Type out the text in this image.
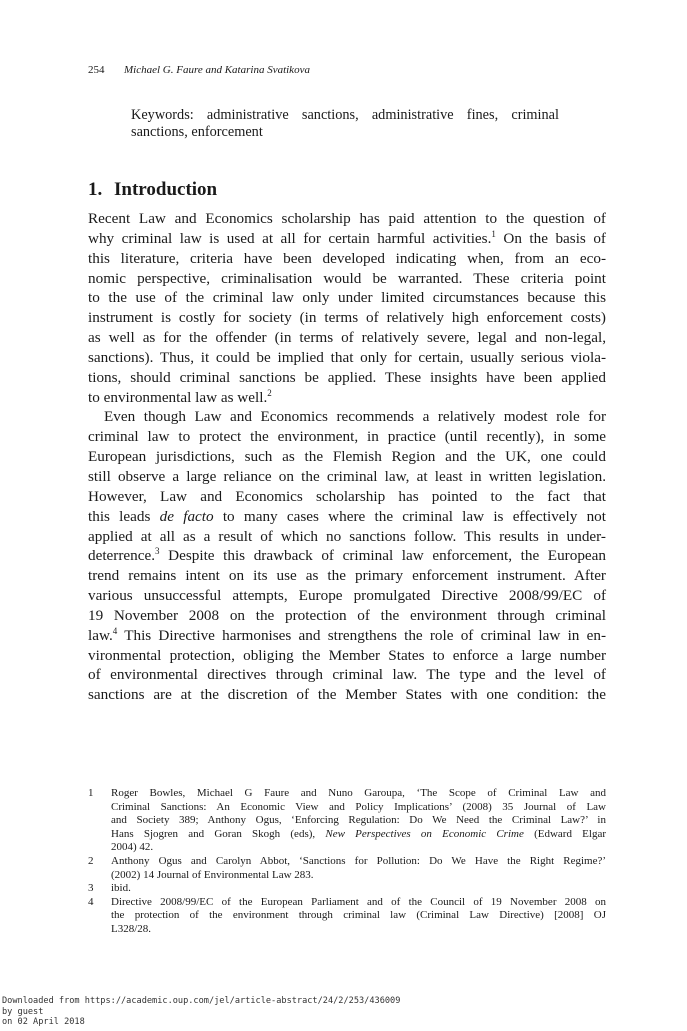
254 Michael G. Faure and Katarina Svatikova
Keywords: administrative sanctions, administrative fines, criminal
sanctions, enforcement
1. Introduction
Recent Law and Economics scholarship has paid attention to the question of
why criminal law is used at all for certain harmful activities.$^1$ On the basis of
this literature, criteria have been developed indicating when, from an eco-
nomic perspective, criminalisation would be warranted. These criteria point
to the use of the criminal law only under limited circumstances because this
instrument is costly for society (in terms of relatively high enforcement costs)
as well as for the offender (in terms of relatively severe, legal and non-legal,
sanctions). Thus, it could be implied that only for certain, usually serious viola-
tions, should criminal sanctions be applied. These insights have been applied
to environmental law as well.$^2$
Even though Law and Economics recommends a relatively modest role for
criminal law to protect the environment, in practice (until recently), in some
European jurisdictions, such as the Flemish Region and the UK, one could
still observe a large reliance on the criminal law, at least in written legislation.
However, Law and Economics scholarship has pointed to the fact that
this leads de facto to many cases where the criminal law is effectively not
applied at all as a result of which no sanctions follow. This results in under-
deterrence.$^3$ Despite this drawback of criminal law enforcement, the European
trend remains intent on its use as the primary enforcement instrument. After
various unsuccessful attempts, Europe promulgated Directive 2008/99/EC of
19 November 2008 on the protection of the environment through criminal
law.$^4$ This Directive harmonises and strengthens the role of criminal law in en-
vironmental protection, obliging the Member States to enforce a large number
of environmental directives through criminal law. The type and the level of
sanctions are at the discretion of the Member States with one condition: the
1	Roger Bowles, Michael G Faure and Nuno Garoupa, ‘The Scope of Criminal Law and
Criminal Sanctions: An Economic View and Policy Implications’ (2008) 35 Journal of Law
and Society 389; Anthony Ogus, ‘Enforcing Regulation: Do We Need the Criminal Law?’ in
Hans Sjogren and Goran Skogh (eds), New Perspectives on Economic Crime (Edward Elgar
2004) 42.
2	Anthony Ogus and Carolyn Abbot, ‘Sanctions for Pollution: Do We Have the Right Regime?’
(2002) 14 Journal of Environmental Law 283.
3	ibid.
4	Directive 2008/99/EC of the European Parliament and of the Council of 19 November 2008 on
the protection of the environment through criminal law (Criminal Law Directive) [2008] OJ
L328/28.
Downloaded from https://academic.oup.com/jel/article-abstract/24/2/253/436009
by guest
on 02 April 2018
